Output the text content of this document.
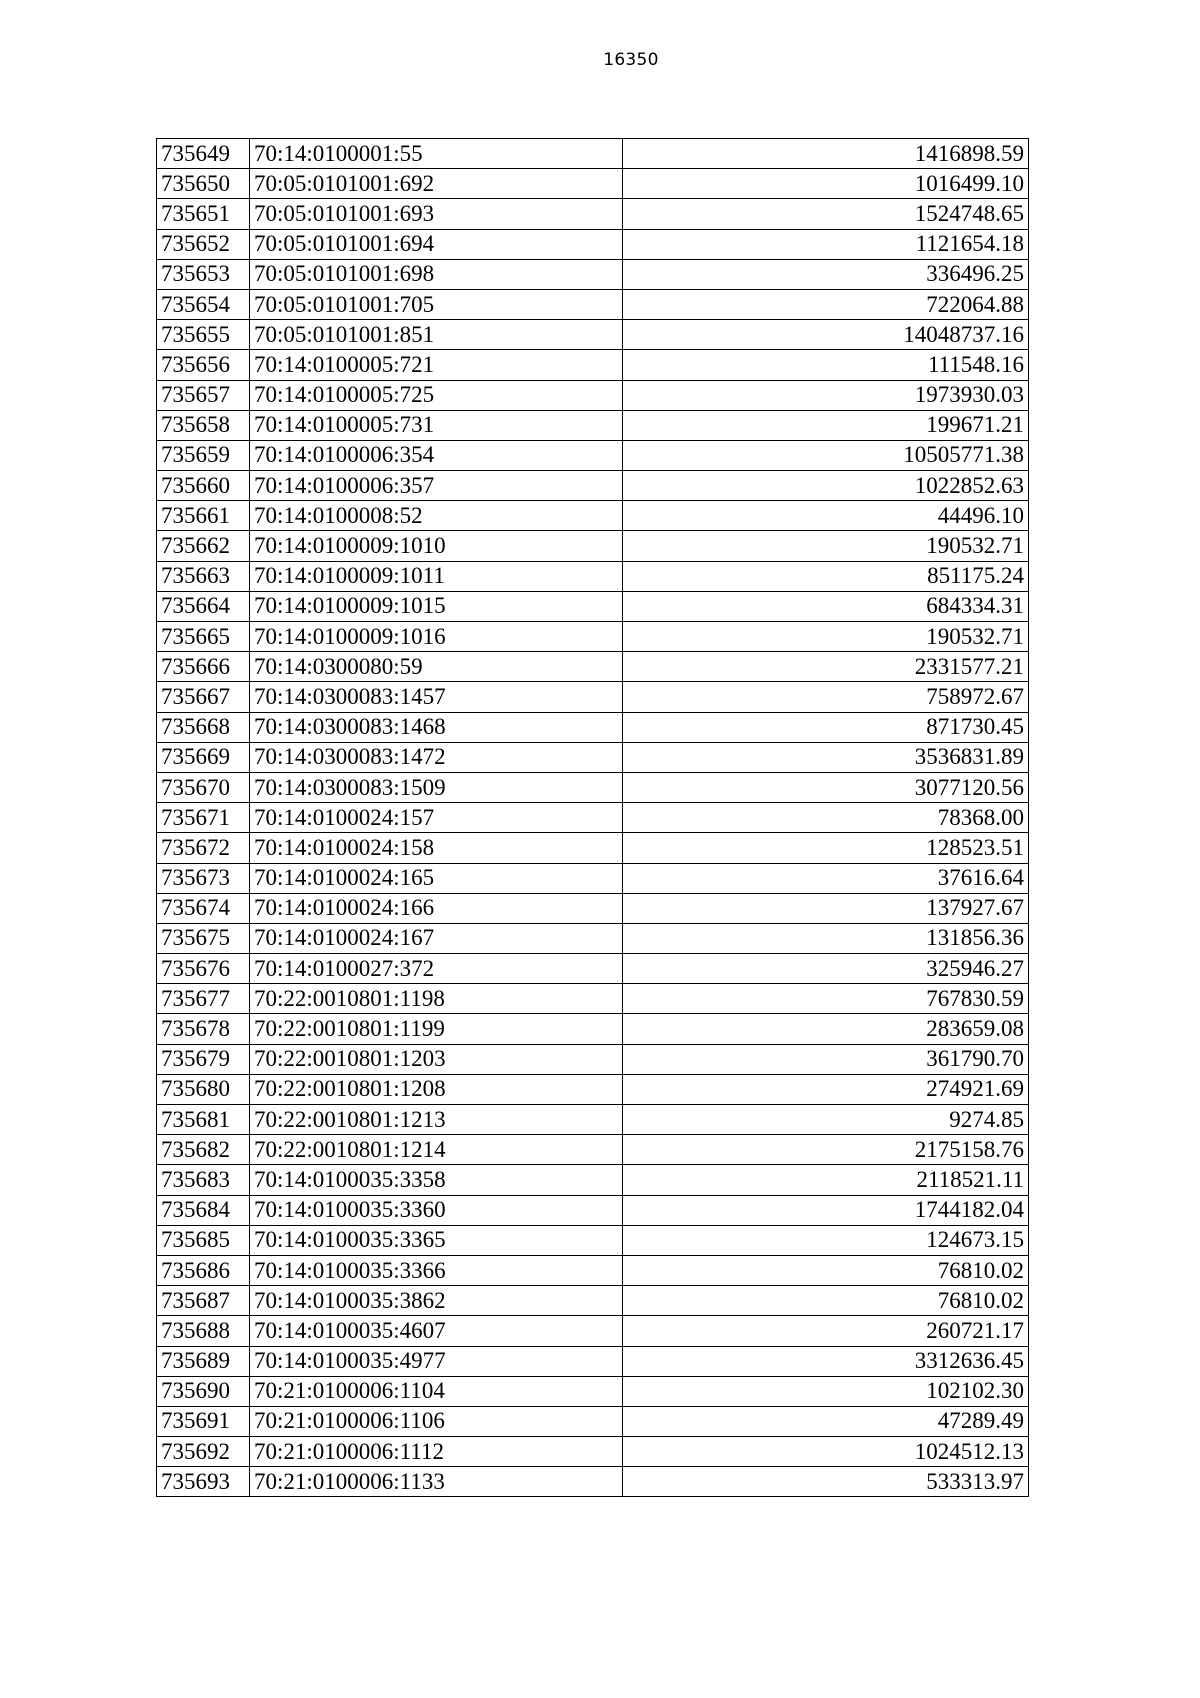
16350
735649	70:14:0100001:55	1416898.59
735650	70:05:0101001:692	1016499.10
735651	70:05:0101001:693	1524748.65
735652	70:05:0101001:694	1121654.18
735653	70:05:0101001:698	336496.25
735654	70:05:0101001:705	722064.88
735655	70:05:0101001:851	14048737.16
735656	70:14:0100005:721	111548.16
735657	70:14:0100005:725	1973930.03
735658	70:14:0100005:731	199671.21
735659	70:14:0100006:354	10505771.38
735660	70:14:0100006:357	1022852.63
735661	70:14:0100008:52	44496.10
735662	70:14:0100009:1010	190532.71
735663	70:14:0100009:1011	851175.24
735664	70:14:0100009:1015	684334.31
735665	70:14:0100009:1016	190532.71
735666	70:14:0300080:59	2331577.21
735667	70:14:0300083:1457	758972.67
735668	70:14:0300083:1468	871730.45
735669	70:14:0300083:1472	3536831.89
735670	70:14:0300083:1509	3077120.56
735671	70:14:0100024:157	78368.00
735672	70:14:0100024:158	128523.51
735673	70:14:0100024:165	37616.64
735674	70:14:0100024:166	137927.67
735675	70:14:0100024:167	131856.36
735676	70:14:0100027:372	325946.27
735677	70:22:0010801:1198	767830.59
735678	70:22:0010801:1199	283659.08
735679	70:22:0010801:1203	361790.70
735680	70:22:0010801:1208	274921.69
735681	70:22:0010801:1213	9274.85
735682	70:22:0010801:1214	2175158.76
735683	70:14:0100035:3358	2118521.11
735684	70:14:0100035:3360	1744182.04
735685	70:14:0100035:3365	124673.15
735686	70:14:0100035:3366	76810.02
735687	70:14:0100035:3862	76810.02
735688	70:14:0100035:4607	260721.17
735689	70:14:0100035:4977	3312636.45
735690	70:21:0100006:1104	102102.30
735691	70:21:0100006:1106	47289.49
735692	70:21:0100006:1112	1024512.13
735693	70:21:0100006:1133	533313.97
